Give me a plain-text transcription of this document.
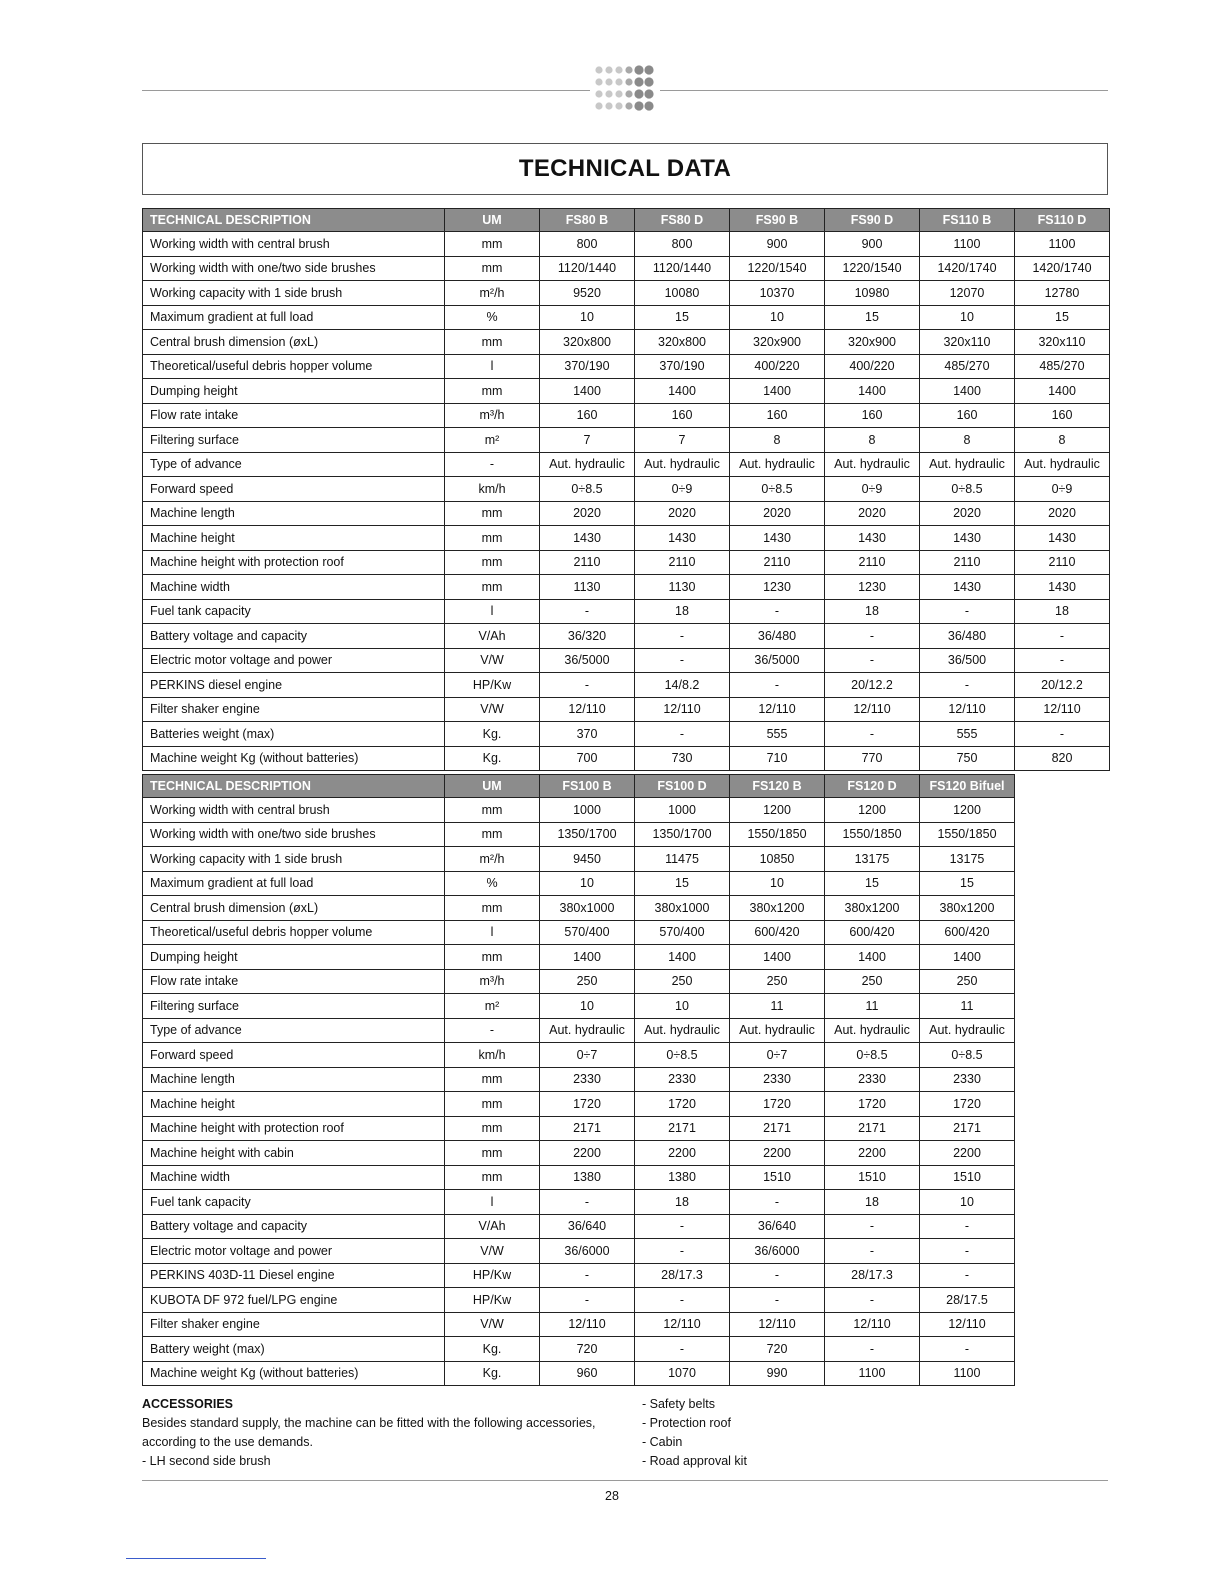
TECHNICAL DATA
TECHNICAL DESCRIPTION	UM	FS80 B	FS80 D	FS90 B	FS90 D	FS110 B	FS110 D
Working width with central brush	mm	800	800	900	900	1100	1100
Working width with one/two side brushes	mm	1120/1440	1120/1440	1220/1540	1220/1540	1420/1740	1420/1740
Working capacity with 1 side brush	m²/h	9520	10080	10370	10980	12070	12780
Maximum gradient at full load	%	10	15	10	15	10	15
Central brush dimension (øxL)	mm	320x800	320x800	320x900	320x900	320x110	320x110
Theoretical/useful debris hopper volume	l	370/190	370/190	400/220	400/220	485/270	485/270
Dumping height	mm	1400	1400	1400	1400	1400	1400
Flow rate intake	m³/h	160	160	160	160	160	160
Filtering surface	m²	7	7	8	8	8	8
Type of advance	-	Aut. hydraulic	Aut. hydraulic	Aut. hydraulic	Aut. hydraulic	Aut. hydraulic	Aut. hydraulic
Forward speed	km/h	0÷8.5	0÷9	0÷8.5	0÷9	0÷8.5	0÷9
Machine length	mm	2020	2020	2020	2020	2020	2020
Machine height	mm	1430	1430	1430	1430	1430	1430
Machine height with protection roof	mm	2110	2110	2110	2110	2110	2110
Machine width	mm	1130	1130	1230	1230	1430	1430
Fuel tank capacity	l	-	18	-	18	-	18
Battery voltage and capacity	V/Ah	36/320	-	36/480	-	36/480	-
Electric motor voltage and power	V/W	36/5000	-	36/5000	-	36/500	-
PERKINS diesel engine	HP/Kw	-	14/8.2	-	20/12.2	-	20/12.2
Filter shaker engine	V/W	12/110	12/110	12/110	12/110	12/110	12/110
Batteries weight (max)	Kg.	370	-	555	-	555	-
Machine weight Kg (without batteries)	Kg.	700	730	710	770	750	820
TECHNICAL DESCRIPTION	UM	FS100 B	FS100 D	FS120 B	FS120 D	FS120 Bifuel
Working width with central brush	mm	1000	1000	1200	1200	1200
Working width with one/two side brushes	mm	1350/1700	1350/1700	1550/1850	1550/1850	1550/1850
Working capacity with 1 side brush	m²/h	9450	11475	10850	13175	13175
Maximum gradient at full load	%	10	15	10	15	15
Central brush dimension (øxL)	mm	380x1000	380x1000	380x1200	380x1200	380x1200
Theoretical/useful debris hopper volume	l	570/400	570/400	600/420	600/420	600/420
Dumping height	mm	1400	1400	1400	1400	1400
Flow rate intake	m³/h	250	250	250	250	250
Filtering surface	m²	10	10	11	11	11
Type of advance	-	Aut. hydraulic	Aut. hydraulic	Aut. hydraulic	Aut. hydraulic	Aut. hydraulic
Forward speed	km/h	0÷7	0÷8.5	0÷7	0÷8.5	0÷8.5
Machine length	mm	2330	2330	2330	2330	2330
Machine height	mm	1720	1720	1720	1720	1720
Machine height with protection roof	mm	2171	2171	2171	2171	2171
Machine height with cabin	mm	2200	2200	2200	2200	2200
Machine width	mm	1380	1380	1510	1510	1510
Fuel tank capacity	l	-	18	-	18	10
Battery voltage and capacity	V/Ah	36/640	-	36/640	-	-
Electric motor voltage and power	V/W	36/6000	-	36/6000	-	-
PERKINS 403D-11 Diesel engine	HP/Kw	-	28/17.3	-	28/17.3	-
KUBOTA DF 972 fuel/LPG engine	HP/Kw	-	-	-	-	28/17.5
Filter shaker engine	V/W	12/110	12/110	12/110	12/110	12/110
Battery weight (max)	Kg.	720	-	720	-	-
Machine weight Kg (without batteries)	Kg.	960	1070	990	1100	1100
ACCESSORIES
Besides standard supply, the machine can be fitted with the following accessories,
according to the use demands.
- LH second side brush
- Safety belts
- Protection roof
- Cabin
- Road approval kit
28
